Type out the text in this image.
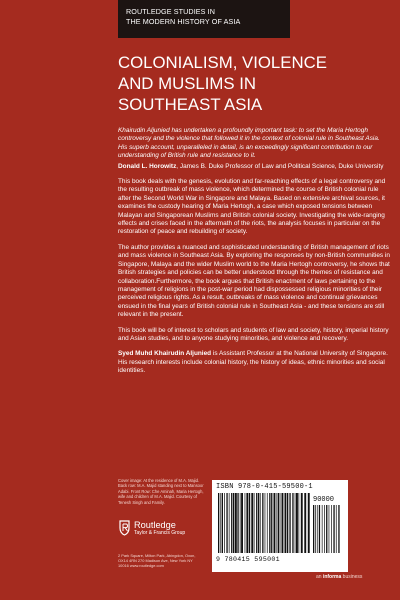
ROUTLEDGE STUDIES IN
THE MODERN HISTORY OF ASIA
COLONIALISM, VIOLENCE
AND MUSLIMS IN
SOUTHEAST ASIA

Khairudin Aljunied has undertaken a profoundly important task: to set the Maria Hertogh controversy and the violence that followed it in the context of colonial rule in Southeast Asia. His superb account, unparalleled in detail, is an exceedingly significant contribution to our understanding of British rule and resistance to it.

Donald L. Horowitz, James B. Duke Professor of Law and Political Science, Duke University

This book deals with the genesis, evolution and far-reaching effects of a legal controversy and the resulting outbreak of mass violence, which determined the course of British colonial rule after the Second World War in Singapore and Malaya. Based on extensive archival sources, it examines the custody hearing of Maria Hertogh, a case which exposed tensions between Malayan and Singaporean Muslims and British colonial society. Investigating the wide-ranging effects and crises faced in the aftermath of the riots, the analysis focuses in particular on the restoration of peace and rebuilding of society.

The author provides a nuanced and sophisticated understanding of British management of riots and mass violence in Southeast Asia. By exploring the responses by non-British communities in Singapore, Malaya and the wider Muslim world to the Maria Hertogh controversy, he shows that British strategies and policies can be better understood through the themes of resistance and collaboration.Furthermore, the book argues that British enactment of laws pertaining to the management of religions in the post-war period had dispossessed religious minorities of their perceived religious rights. As a result, outbreaks of mass violence and continual grievances ensued in the final years of British colonial rule in Southeast Asia - and these tensions are still relevant in the present.

This book will be of interest to scholars and students of law and society, history, imperial history and Asian studies, and to anyone studying minorities, and violence and recovery.

Syed Muhd Khairudin Aljunied is Assistant Professor at the National University of Singapore. His research interests include colonial history, the history of ideas, ethnic minorities and social identities.

Cover image: At the residence of M.A. Majid. Back row: M.A. Majid standing next to Mansoor Adabi. Front Row: Che Aminah, Maria Hertogh, wife and children of M.A. Majid. Courtesy of Tenesh Singh and Family.
Routledge
Taylor & Francis Group
2 Park Square, Milton Park, Abingdon, Oxon, OX14 4RN 270 Madison Ave, New York NY 10016 www.routledge.com
ISBN 978-0-415-59500-1
90000
9 780415 595001
an informa business
